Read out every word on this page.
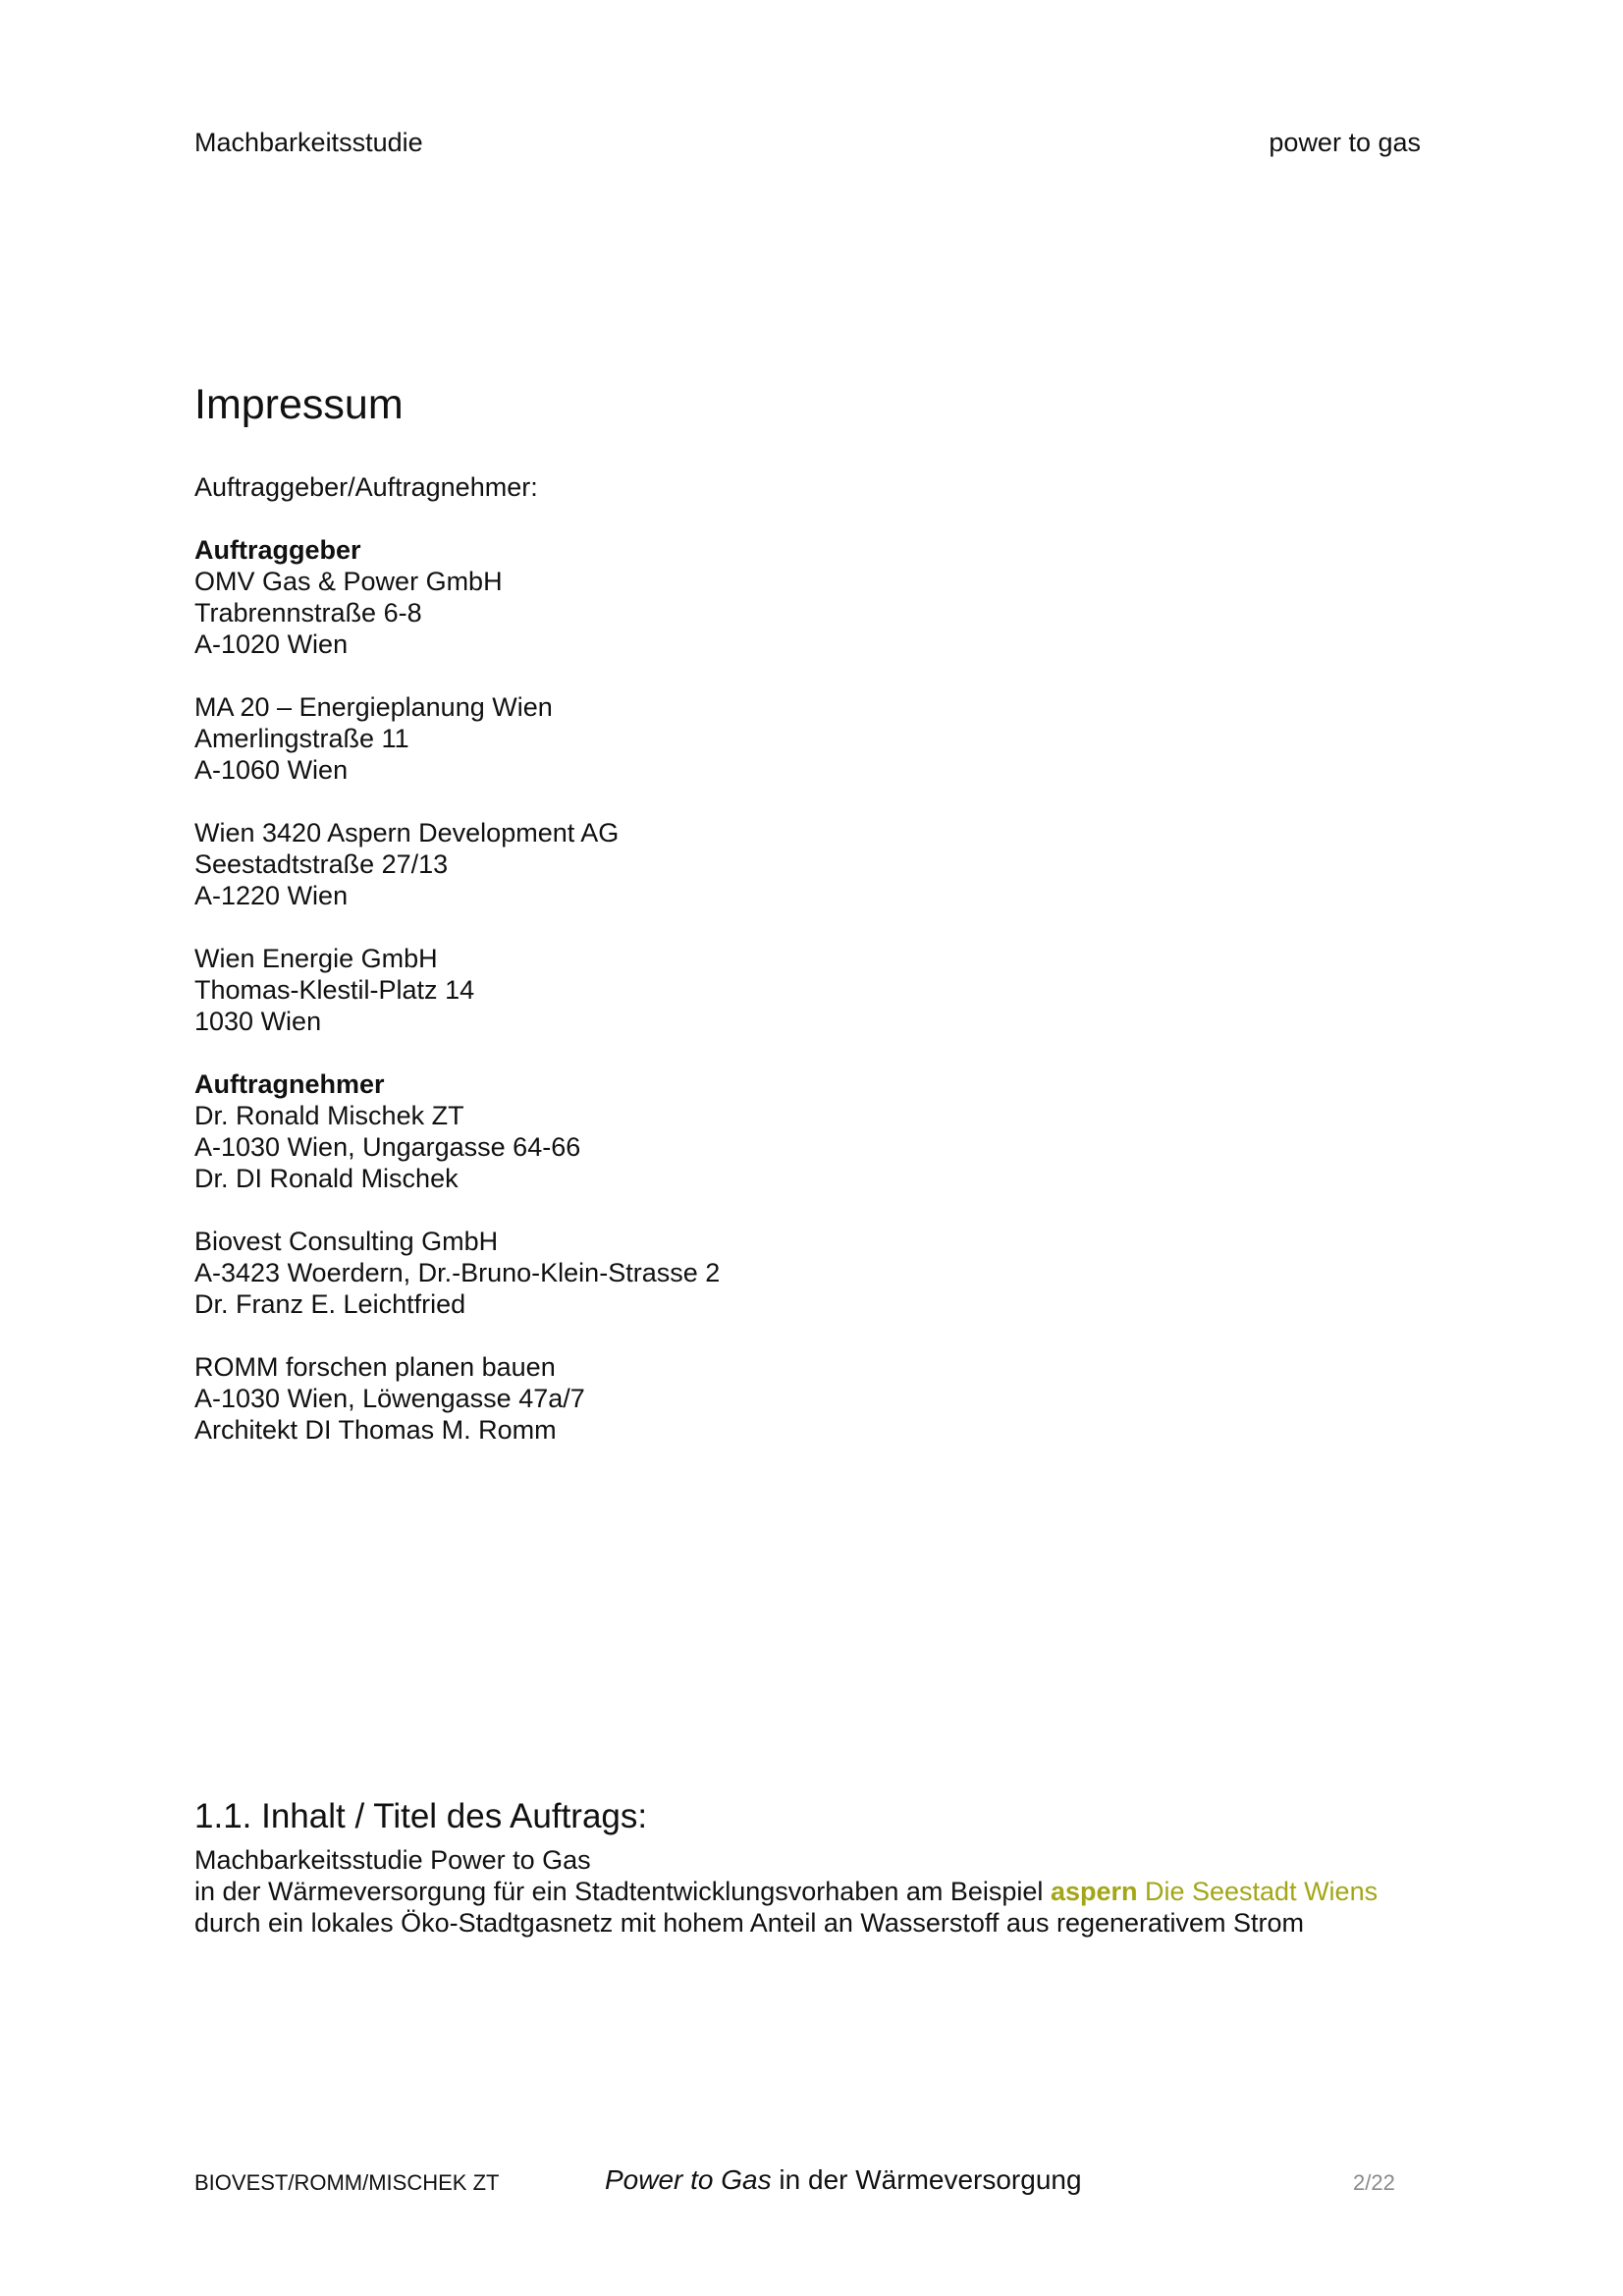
Machbarkeitsstudie	power to gas
Impressum

Auftraggeber/Auftragnehmer:

Auftraggeber
OMV Gas & Power GmbH
Trabrennstraße 6-8
A-1020 Wien
MA 20 – Energieplanung Wien
Amerlingstraße 11
A-1060 Wien
Wien 3420 Aspern Development AG
Seestadtstraße 27/13
A-1220 Wien
Wien Energie GmbH
Thomas-Klestil-Platz 14
1030 Wien
Auftragnehmer
Dr. Ronald Mischek ZT
A-1030 Wien, Ungargasse 64-66
Dr. DI Ronald Mischek
Biovest Consulting GmbH
A-3423 Woerdern, Dr.-Bruno-Klein-Strasse 2
Dr. Franz E. Leichtfried
ROMM forschen planen bauen
A-1030 Wien, Löwengasse 47a/7
Architekt DI Thomas M. Romm
1.1. Inhalt / Titel des Auftrags:
Machbarkeitsstudie Power to Gas
in der Wärmeversorgung für ein Stadtentwicklungsvorhaben am Beispiel aspern Die Seestadt Wiens
durch ein lokales Öko-Stadtgasnetz mit hohem Anteil an Wasserstoff aus regenerativem Strom
BIOVEST/ROMM/MISCHEK ZT	Power to Gas in der Wärmeversorgung	2/22
